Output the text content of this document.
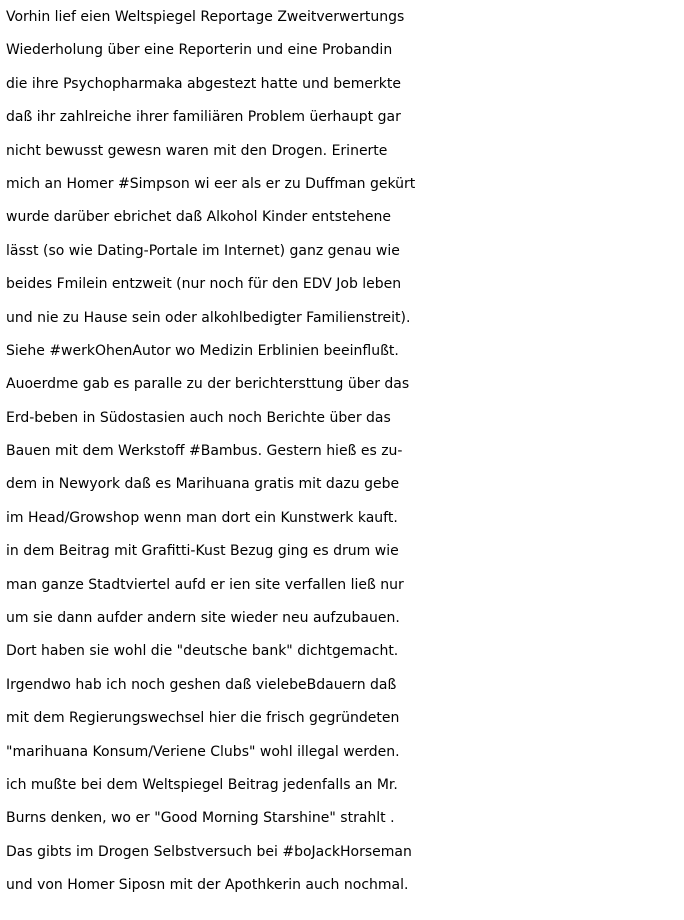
Vorhin lief eien Weltspiegel Reportage Zweitverwertungs
Wiederholung über eine Reporterin und eine Probandin
die ihre Psychopharmaka abgestezt hatte und bemerkte
daß ihr zahlreiche ihrer familiären Problem üerhaupt gar
nicht bewusst gewesn waren mit den Drogen. Erinerte
mich an Homer #Simpson wi eer als er zu Duffman gekürt
wurde darüber ebrichet daß Alkohol Kinder entstehene
lässt (so wie Dating-Portale im Internet) ganz genau wie
beides Fmilein entzweit (nur noch für den EDV Job leben
und nie zu Hause sein oder alkohlbedigter Familienstreit).
Siehe #werkOhenAutor wo Medizin Erblinien beeinflußt.
Auoerdme gab es paralle zu der berichtersttung über das
Erd-beben in Südostasien auch noch Berichte über das
Bauen mit dem Werkstoff #Bambus. Gestern hieß es zu-
dem in Newyork daß es Marihuana gratis mit dazu gebe
im Head/Growshop wenn man dort ein Kunstwerk kauft.
in dem Beitrag mit Grafitti-Kust Bezug ging es drum wie
man ganze Stadtviertel aufd er ien site verfallen ließ nur
um sie dann aufder andern site wieder neu aufzubauen.
Dort haben sie wohl die "deutsche bank" dichtgemacht.
Irgendwo hab ich noch geshen daß vielebeBdauern daß
mit dem Regierungswechsel hier die frisch gegründeten
"marihuana Konsum/Veriene Clubs" wohl illegal werden.
ich mußte bei dem Weltspiegel Beitrag jedenfalls an Mr.
Burns denken, wo er "Good Morning Starshine" strahlt .
Das gibts im Drogen Selbstversuch bei #boJackHorseman
und von Homer Siposn mit der Apothkerin auch nochmal.
